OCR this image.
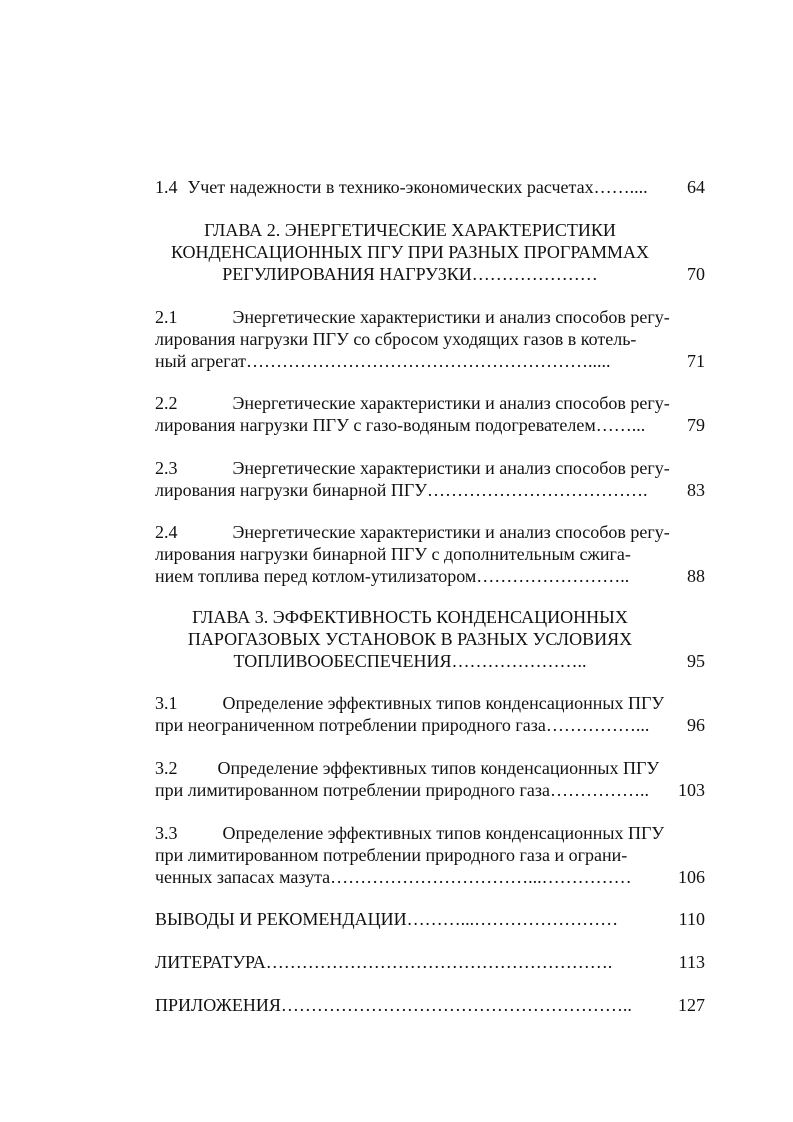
1.4 Учет надежности в технико-экономических расчетах……....	64
ГЛАВА 2. ЭНЕРГЕТИЧЕСКИЕ ХАРАКТЕРИСТИКИ
КОНДЕНСАЦИОННЫХ ПГУ ПРИ РАЗНЫХ ПРОГРАММАХ
РЕГУЛИРОВАНИЯ НАГРУЗКИ…………………	70
2.1	Энергетические характеристики и анализ способов регу-
лирования нагрузки ПГУ со сбросом уходящих газов в котель-
ный агрегат………………………………………………….....	71
2.2	Энергетические характеристики и анализ способов регу-
лирования нагрузки ПГУ с газо-водяным подогревателем……...	79
2.3	Энергетические характеристики и анализ способов регу-
лирования нагрузки бинарной ПГУ……………………………….	83
2.4	Энергетические характеристики и анализ способов регу-
лирования нагрузки бинарной ПГУ с дополнительным сжига-
нием топлива перед котлом-утилизатором……………………..	88
ГЛАВА 3. ЭФФЕКТИВНОСТЬ КОНДЕНСАЦИОННЫХ
ПАРОГАЗОВЫХ УСТАНОВОК В РАЗНЫХ УСЛОВИЯХ
ТОПЛИВООБЕСПЕЧЕНИЯ…………………..	95
3.1	Определение эффективных типов конденсационных ПГУ
при неограниченном потреблении природного газа……………...	96
3.2 Определение эффективных типов конденсационных ПГУ
при лимитированном потреблении природного газа…………….. 103
3.3	Определение эффективных типов конденсационных ПГУ
при лимитированном потреблении природного газа и ограни-
ченных запасах мазута……………………………...……………	106
ВЫВОДЫ И РЕКОМЕНДАЦИИ………...……………………	110
ЛИТЕРАТУРА………………………………………………….	113
ПРИЛОЖЕНИЯ…………………………………………………..	127
